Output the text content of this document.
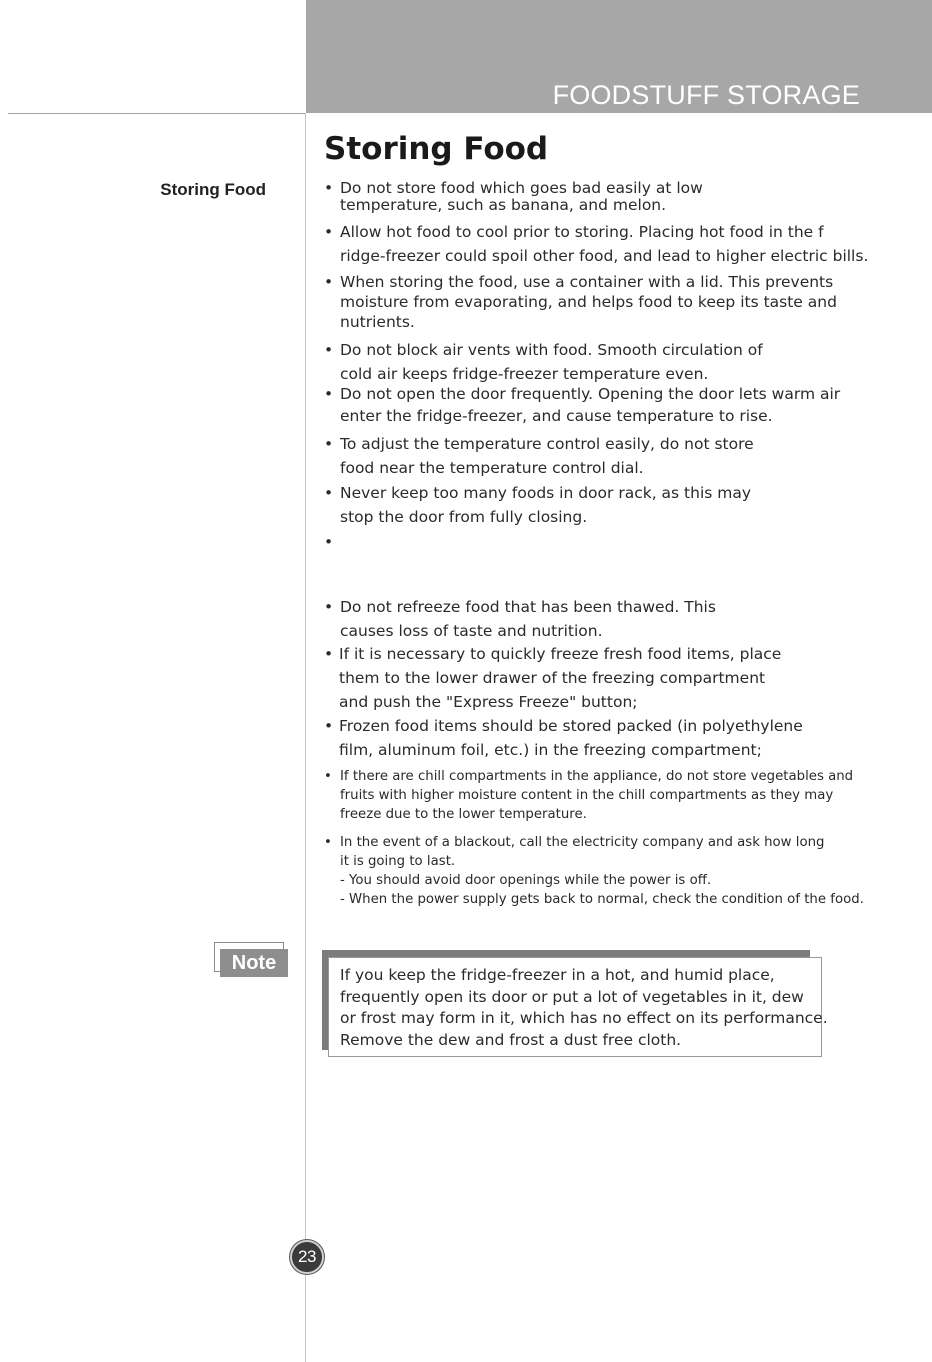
FOODSTUFF STORAGE
Storing Food
Storing Food	• Do not store food which goes bad easily at low
temperature, such as banana, and melon.
• Allow hot food to cool prior to storing. Placing hot food in the f
ridge-freezer could spoil other food, and lead to higher electric bills.
• When storing the food, use a container with a lid. This prevents
moisture from evaporating, and helps food to keep its taste and
nutrients.
• Do not block air vents with food. Smooth circulation of
cold air keeps fridge-freezer temperature even.
• Do not open the door frequently. Opening the door lets warm air
enter the fridge-freezer, and cause temperature to rise.
• To adjust the temperature control easily, do not store
food near the temperature control dial.
• Never keep too many foods in door rack, as this may
stop the door from fully closing.
•
• Do not refreeze food that has been thawed. This
causes loss of taste and nutrition.
• If it is necessary to quickly freeze fresh food items, place
them to the lower drawer of the freezing compartment
and push the "Express Freeze" button;
• Frozen food items should be stored packed (in polyethylene
film, aluminum foil, etc.) in the freezing compartment;
• If there are chill compartments in the appliance, do not store vegetables and
fruits with higher moisture content in the chill compartments as they may
freeze due to the lower temperature.
• In the event of a blackout, call the electricity company and ask how long
it is going to last.
- You should avoid door openings while the power is off.
- When the power supply gets back to normal, check the condition of the food.
Note
If you keep the fridge-freezer in a hot, and humid place,
frequently open its door or put a lot of vegetables in it, dew
or frost may form in it, which has no effect on its performance.
Remove the dew and frost a dust free cloth.
23
